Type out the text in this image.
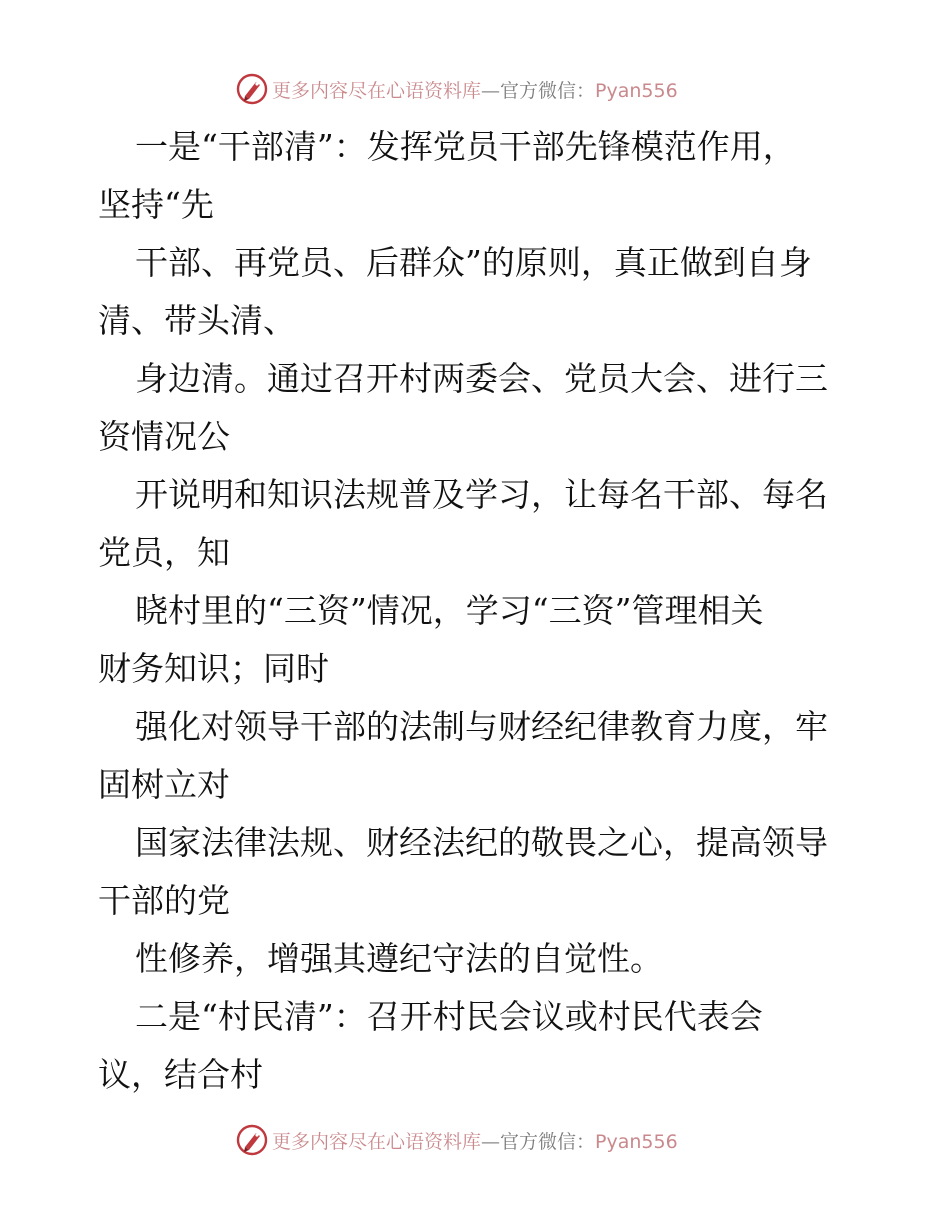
更多内容尽在心语资料库—官方微信：Pyan556
一是“干部清”：发挥党员干部先锋模范作用，
坚持“先
干部、再党员、后群众”的原则，真正做到自身
清、带头清、
身边清。通过召开村两委会、党员大会、进行三
资情况公
开说明和知识法规普及学习，让每名干部、每名
党员，知
晓村里的“三资”情况，学习“三资”管理相关
财务知识；同时
强化对领导干部的法制与财经纪律教育力度，牢
固树立对
国家法律法规、财经法纪的敬畏之心，提高领导
干部的党
性修养，增强其遵纪守法的自觉性。
二是“村民清”：召开村民会议或村民代表会
议，结合村
更多内容尽在心语资料库—官方微信：Pyan556
